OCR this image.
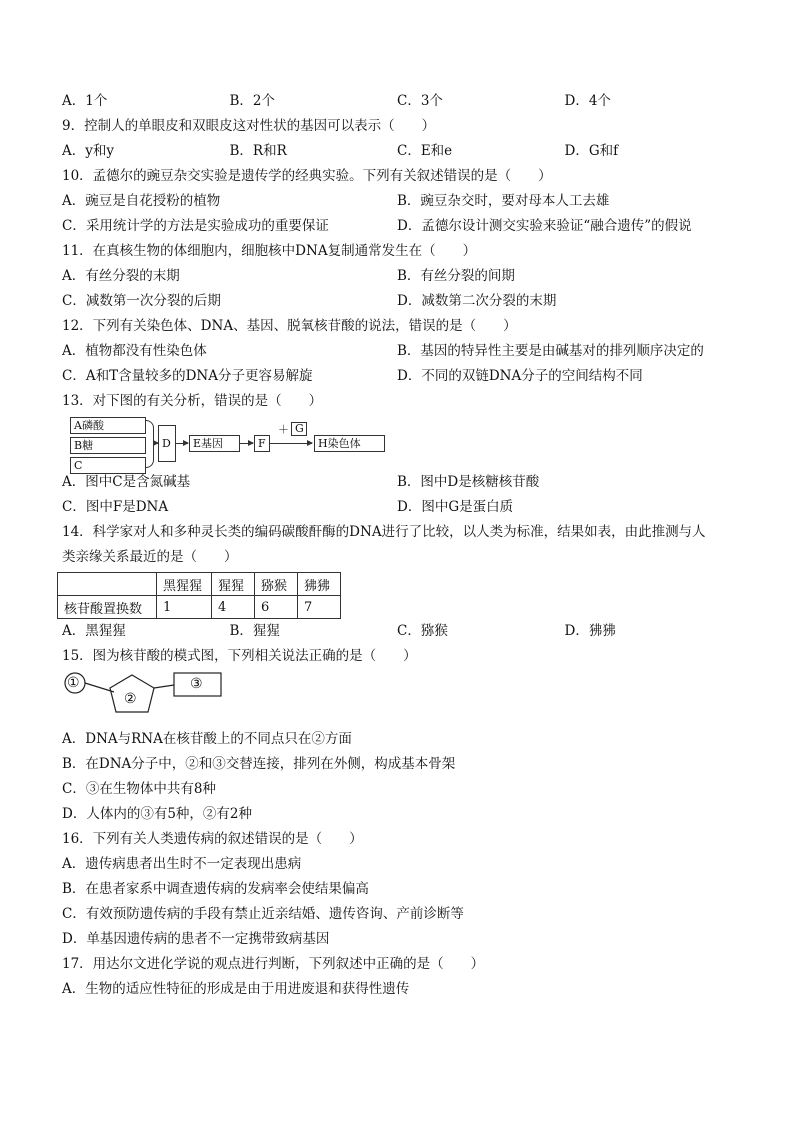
A．1个	B．2个	C．3个	D．4个
9．控制人的单眼皮和双眼皮这对性状的基因可以表示（　　）
A．y和y	B．R和R	C．E和e	D．G和f
10．孟德尔的豌豆杂交实验是遗传学的经典实验。下列有关叙述错误的是（　　）
A．豌豆是自花授粉的植物	B．豌豆杂交时，要对母本人工去雄
C．采用统计学的方法是实验成功的重要保证	D．孟德尔设计测交实验来验证“融合遗传”的假说
11．在真核生物的体细胞内，细胞核中DNA复制通常发生在（　　）
A．有丝分裂的末期	B．有丝分裂的间期
C．减数第一次分裂的后期	D．减数第二次分裂的末期
12．下列有关染色体、DNA、基因、脱氧核苷酸的说法，错误的是（　　）
A．植物都没有性染色体	B．基因的特异性主要是由碱基对的排列顺序决定的
C．A和T含量较多的DNA分子更容易解旋	D．不同的双链DNA分子的空间结构不同
13．对下图的有关分析，错误的是（　　）
A磷酸
B糖
C
D	E基因	F
＋ G
H染色体
A．图中C是含氮碱基	B．图中D是核糖核苷酸
C．图中F是DNA	D．图中G是蛋白质
14．科学家对人和多种灵长类的编码碳酸酐酶的DNA进行了比较，以人类为标准，结果如表，由此推测与人
类亲缘关系最近的是（　　）
	黑猩猩	猩猩	猕猴	狒狒
核苷酸置换数	1	4	6	7
A．黑猩猩	B．猩猩	C．猕猴	D．狒狒
15．图为核苷酸的模式图，下列相关说法正确的是（　　）
①
②
③
A．DNA与RNA在核苷酸上的不同点只在②方面
B．在DNA分子中，②和③交替连接，排列在外侧，构成基本骨架
C．③在生物体中共有8种
D．人体内的③有5种，②有2种
16．下列有关人类遗传病的叙述错误的是（　　）
A．遗传病患者出生时不一定表现出患病
B．在患者家系中调查遗传病的发病率会使结果偏高
C．有效预防遗传病的手段有禁止近亲结婚、遗传咨询、产前诊断等
D．单基因遗传病的患者不一定携带致病基因
17．用达尔文进化学说的观点进行判断，下列叙述中正确的是（　　）
A．生物的适应性特征的形成是由于用进废退和获得性遗传
